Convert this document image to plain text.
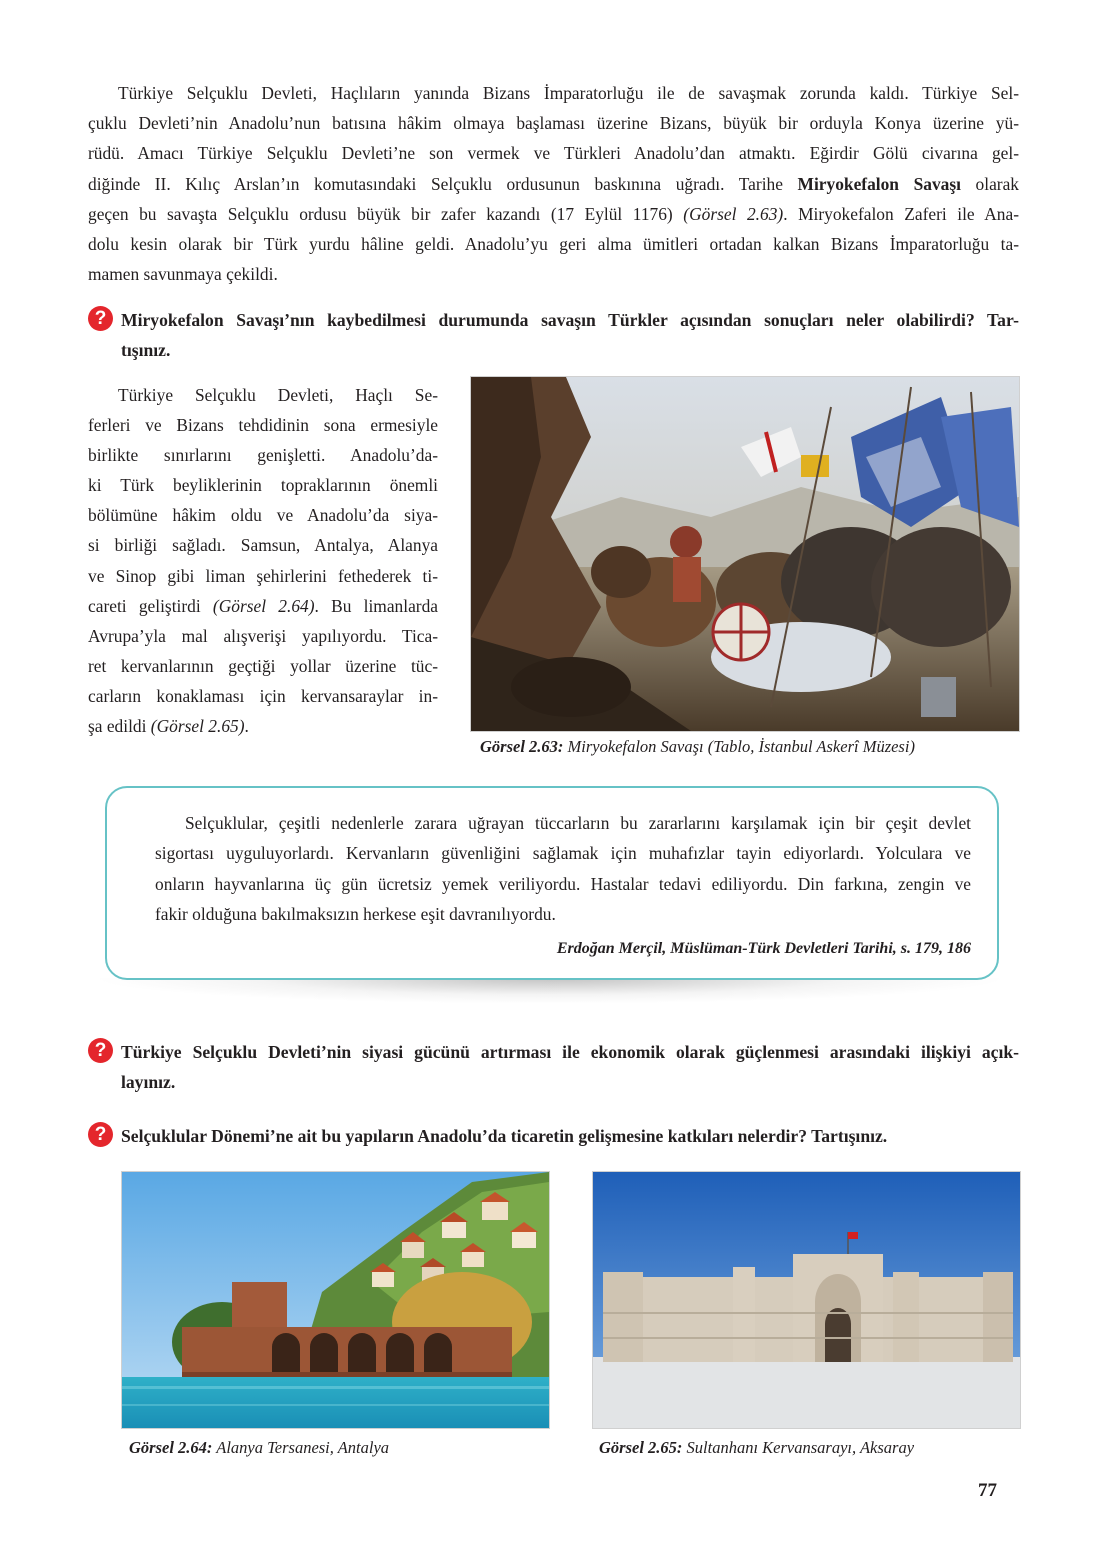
Türkiye Selçuklu Devleti, Haçlıların yanında Bizans İmparatorluğu ile de savaşmak zorunda kaldı. Türkiye Sel-
çuklu Devleti’nin Anadolu’nun batısına hâkim olmaya başlaması üzerine Bizans, büyük bir orduyla Konya üzerine yü-
rüdü. Amacı Türkiye Selçuklu Devleti’ne son vermek ve Türkleri Anadolu’dan atmaktı. Eğirdir Gölü civarına gel-
diğinde II. Kılıç Arslan’ın komutasındaki Selçuklu ordusunun baskınına uğradı. Tarihe Miryokefalon Savaşı olarak
geçen bu savaşta Selçuklu ordusu büyük bir zafer kazandı (17 Eylül 1176) (Görsel 2.63). Miryokefalon Zaferi ile Ana-
dolu kesin olarak bir Türk yurdu hâline geldi. Anadolu’yu geri alma ümitleri ortadan kalkan Bizans İmparatorluğu ta-
mamen savunmaya çekildi.
? Miryokefalon Savaşı’nın kaybedilmesi durumunda savaşın Türkler açısından sonuçları neler olabilirdi? Tar-
tışınız.
Türkiye Selçuklu Devleti, Haçlı Se-
ferleri ve Bizans tehdidinin sona ermesiyle
birlikte sınırlarını genişletti. Anadolu’da-
ki Türk beyliklerinin topraklarının önemli
bölümüne hâkim oldu ve Anadolu’da siya-
si birliği sağladı. Samsun, Antalya, Alanya
ve Sinop gibi liman şehirlerini fethederek ti-
careti geliştirdi (Görsel 2.64). Bu limanlarda
Avrupa’yla mal alışverişi yapılıyordu. Tica-
ret kervanlarının geçtiği yollar üzerine tüc-
carların konaklaması için kervansaraylar in-
şa edildi (Görsel 2.65).
Görsel 2.63: Miryokefalon Savaşı (Tablo, İstanbul Askerî Müzesi)
Selçuklular, çeşitli nedenlerle zarara uğrayan tüccarların bu zararlarını karşılamak için bir çeşit devlet
sigortası uyguluyorlardı. Kervanların güvenliğini sağlamak için muhafızlar tayin ediyorlardı. Yolculara ve
onların hayvanlarına üç gün ücretsiz yemek veriliyordu. Hastalar tedavi ediliyordu. Din farkına, zengin ve
fakir olduğuna bakılmaksızın herkese eşit davranılıyordu.
Erdoğan Merçil, Müslüman-Türk Devletleri Tarihi, s. 179, 186
? Türkiye Selçuklu Devleti’nin siyasi gücünü artırması ile ekonomik olarak güçlenmesi arasındaki ilişkiyi açık-
layınız.
? Selçuklular Dönemi’ne ait bu yapıların Anadolu’da ticaretin gelişmesine katkıları nelerdir? Tartışınız.
Görsel 2.64: Alanya Tersanesi, Antalya	Görsel 2.65: Sultanhanı Kervansarayı, Aksaray
77
